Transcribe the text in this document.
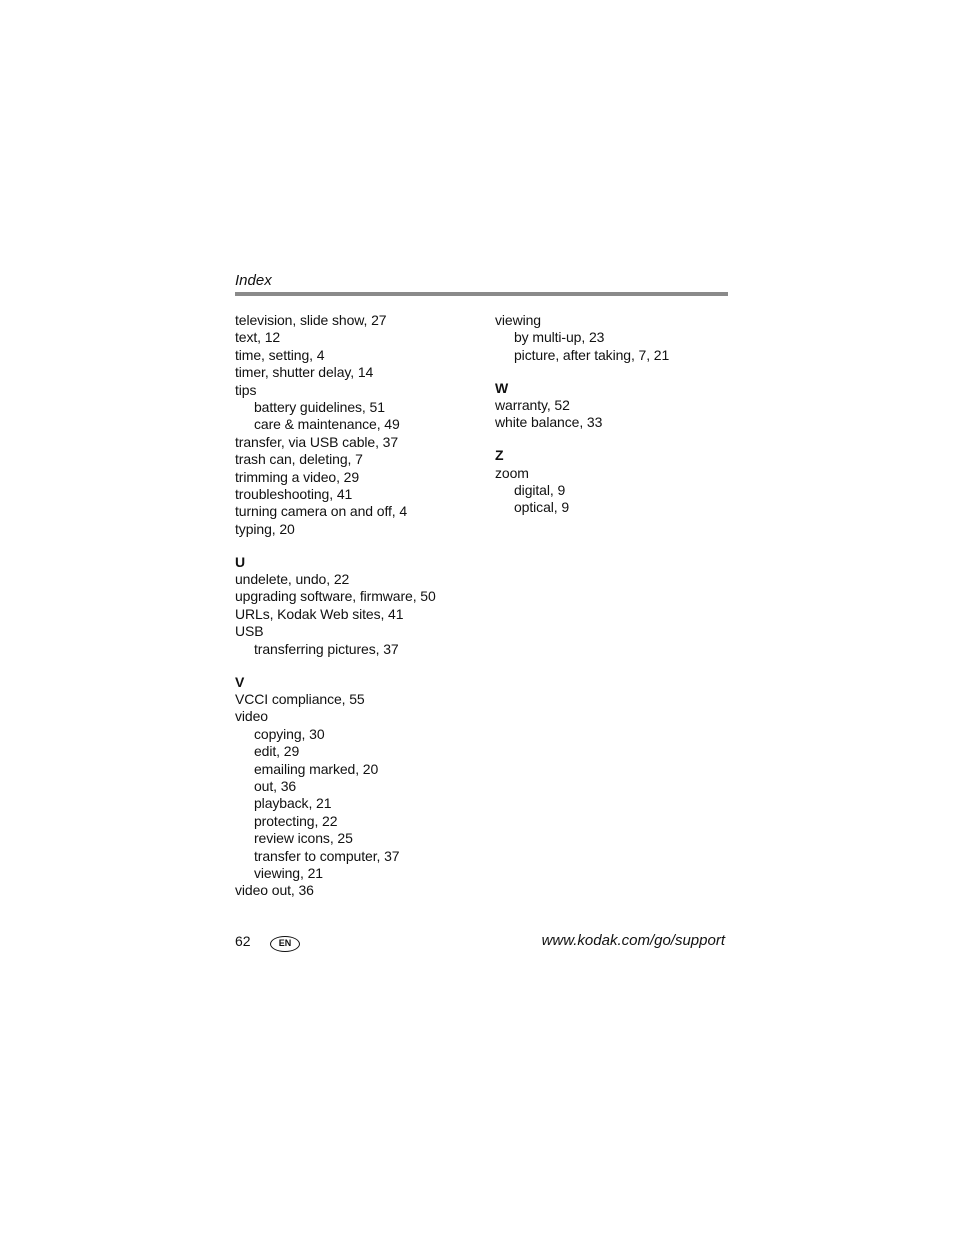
Index
television, slide show, 27
text, 12
time, setting, 4
timer, shutter delay, 14
tips
battery guidelines, 51
care & maintenance, 49
transfer, via USB cable, 37
trash can, deleting, 7
trimming a video, 29
troubleshooting, 41
turning camera on and off, 4
typing, 20
U
undelete, undo, 22
upgrading software, firmware, 50
URLs, Kodak Web sites, 41
USB
transferring pictures, 37
V
VCCI compliance, 55
video
copying, 30
edit, 29
emailing marked, 20
out, 36
playback, 21
protecting, 22
review icons, 25
transfer to computer, 37
viewing, 21
video out, 36
viewing
by multi-up, 23
picture, after taking, 7, 21
W
warranty, 52
white balance, 33
Z
zoom
digital, 9
optical, 9
62	EN	www.kodak.com/go/support
